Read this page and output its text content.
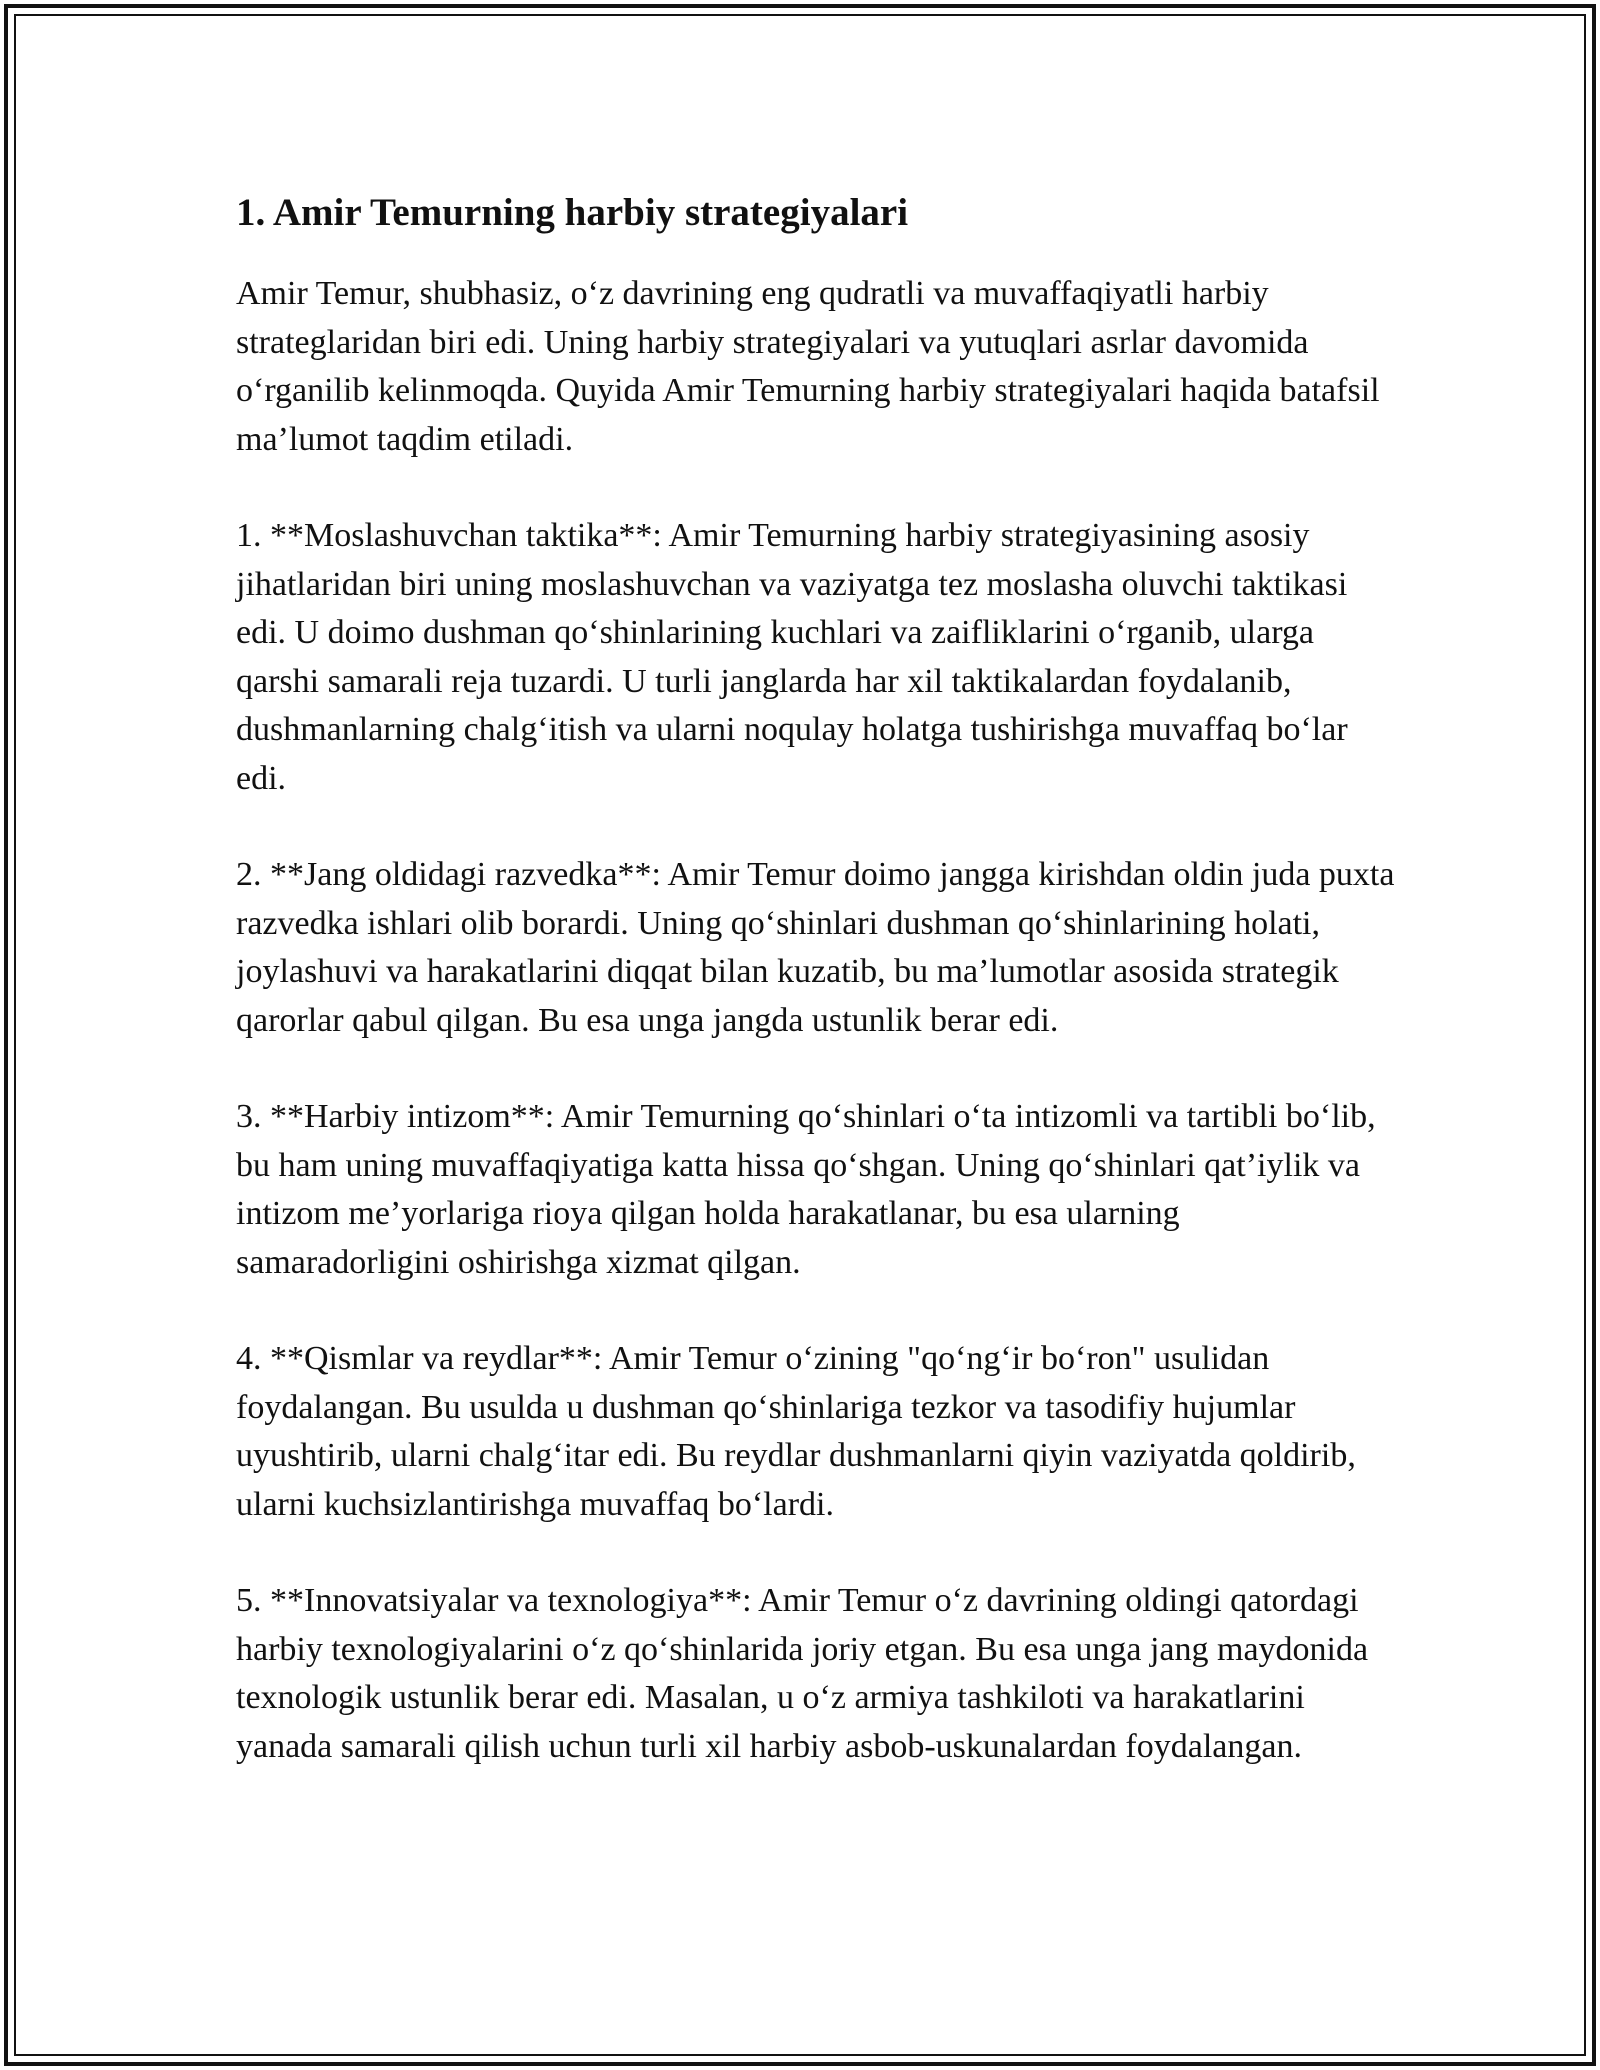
1. Amir Temurning harbiy strategiyalari

Amir Temur, shubhasiz, o‘z davrining eng qudratli va muvaffaqiyatli harbiy strateglaridan biri edi. Uning harbiy strategiyalari va yutuqlari asrlar davomida o‘rganilib kelinmoqda. Quyida Amir Temurning harbiy strategiyalari haqida batafsil ma’lumot taqdim etiladi.

1. **Moslashuvchan taktika**: Amir Temurning harbiy strategiyasining asosiy jihatlaridan biri uning moslashuvchan va vaziyatga tez moslasha oluvchi taktikasi edi. U doimo dushman qo‘shinlarining kuchlari va zaifliklarini o‘rganib, ularga qarshi samarali reja tuzardi. U turli janglarda har xil taktikalardan foydalanib, dushmanlarning chalg‘itish va ularni noqulay holatga tushirishga muvaffaq bo‘lar edi.

2. **Jang oldidagi razvedka**: Amir Temur doimo jangga kirishdan oldin juda puxta razvedka ishlari olib borardi. Uning qo‘shinlari dushman qo‘shinlarining holati, joylashuvi va harakatlarini diqqat bilan kuzatib, bu ma’lumotlar asosida strategik qarorlar qabul qilgan. Bu esa unga jangda ustunlik berar edi.

3. **Harbiy intizom**: Amir Temurning qo‘shinlari o‘ta intizomli va tartibli bo‘lib, bu ham uning muvaffaqiyatiga katta hissa qo‘shgan. Uning qo‘shinlari qat’iylik va intizom me’yorlariga rioya qilgan holda harakatlanar, bu esa ularning samaradorligini oshirishga xizmat qilgan.

4. **Qismlar va reydlar**: Amir Temur o‘zining "qo‘ng‘ir bo‘ron" usulidan foydalangan. Bu usulda u dushman qo‘shinlariga tezkor va tasodifiy hujumlar uyushtirib, ularni chalg‘itar edi. Bu reydlar dushmanlarni qiyin vaziyatda qoldirib, ularni kuchsizlantirishga muvaffaq bo‘lardi.

5. **Innovatsiyalar va texnologiya**: Amir Temur o‘z davrining oldingi qatordagi harbiy texnologiyalarini o‘z qo‘shinlarida joriy etgan. Bu esa unga jang maydonida texnologik ustunlik berar edi. Masalan, u o‘z armiya tashkiloti va harakatlarini yanada samarali qilish uchun turli xil harbiy asbob-uskunalardan foydalangan.
